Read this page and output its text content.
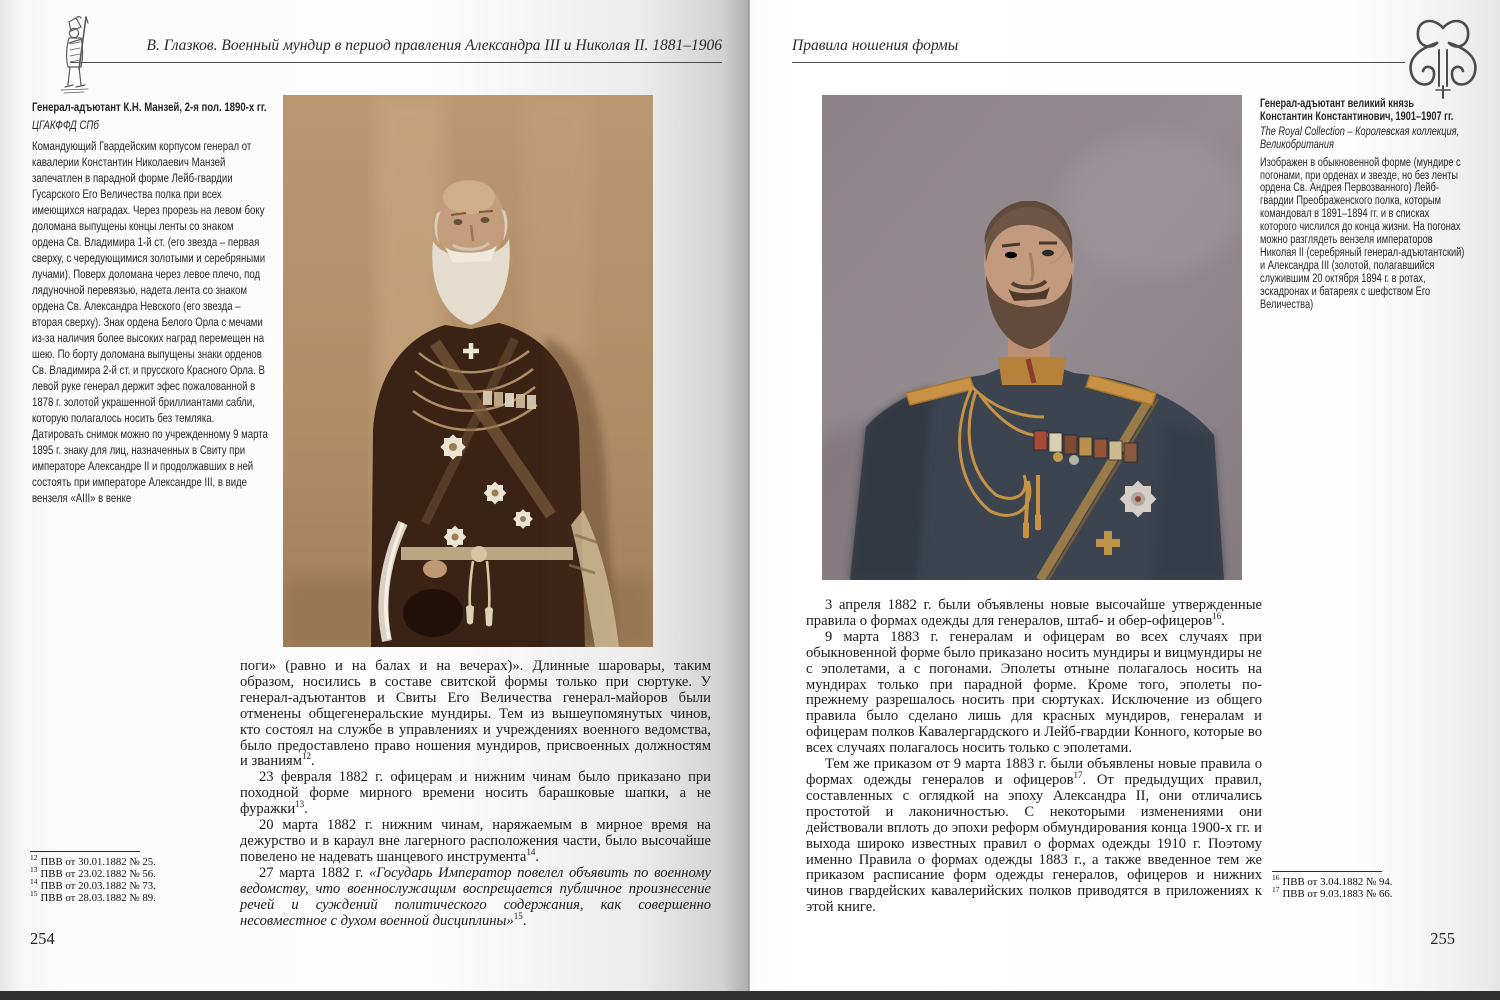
В. Глазков. Военный мундир в период правления Александра III и Николая II. 1881–1906

Генерал-адъютант К.Н. Манзей, 2-я пол. 1890-х гг.

ЦГАКФФД СПб

Командующий Гвардейским корпусом генерал от кавалерии Константин Николаевич Манзей запечатлен в парадной форме Лейб-гвардии Гусарского Его Величества полка при всех имеющихся наградах. Через прорезь на левом боку доломана выпущены концы ленты со знаком ордена Св. Владимира 1-й ст. (его звезда – первая сверху, с чередующимися золотыми и серебряными лучами). Поверх доломана через левое плечо, под лядуночной перевязью, надета лента со знаком ордена Св. Александра Невского (его звезда – вторая сверху). Знак ордена Белого Орла с мечами из-за наличия более высоких наград перемещен на шею. По борту доломана выпущены знаки орденов Св. Владимира 2-й ст. и прусского Красного Орла. В левой руке генерал держит эфес пожалованной в 1878 г. золотой украшенной бриллиантами сабли, которую полагалось носить без темляка. Датировать снимок можно по учрежденному 9 марта 1895 г. знаку для лиц, назначенных в Свиту при императоре Александре II и продолжавших в ней состоять при императоре Александре III, в виде вензеля «АIII» в венке

поги» (равно и на балах и на вечерах)». Длинные шаровары, таким образом, носились в составе свитской формы только при сюртуке. У генерал-адъютантов и Свиты Его Величества генерал-майоров были отменены общегенеральские мундиры. Тем из вышеупомянутых чинов, кто состоял на службе в управлениях и учреждениях военного ведомства, было предоставлено право ношения мундиров, присвоенных должностям и званиям$^{12}$.

23 февраля 1882 г. офицерам и нижним чинам было приказано при походной форме мирного времени носить барашковые шапки, а не фуражки$^{13}$.

20 марта 1882 г. нижним чинам, наряжаемым в мирное время на дежурство и в караул вне лагерного расположения части, было высочайше повелено не надевать шанцевого инструмента$^{14}$.

27 марта 1882 г. «Государь Император повелел объявить по военному ведомству, что военнослужащим воспрещается публичное произнесение речей и суждений политического содержания, как совершенно несовместное с духом военной дисциплины»$^{15}$.

$^{12}$ ПВВ от 30.01.1882 № 25.
$^{13}$ ПВВ от 23.02.1882 № 56.
$^{14}$ ПВВ от 20.03.1882 № 73.
$^{15}$ ПВВ от 28.03.1882 № 89.
254
Правила ношения формы

Генерал-адъютант великий князь Константин Константинович, 1901–1907 гг.

The Royal Collection – Королевская коллекция, Великобритания

Изображен в обыкновенной форме (мундире с погонами, при орденах и звезде, но без ленты ордена Св. Андрея Первозванного) Лейб-гвардии Преображенского полка, которым командовал в 1891–1894 гг. и в списках которого числился до конца жизни. На погонах можно разглядеть вензеля императоров Николая II (серебряный генерал-адъютантский) и Александра III (золотой, полагавшийся служившим 20 октября 1894 г. в ротах, эскадронах и батареях с шефством Его Величества)

3 апреля 1882 г. были объявлены новые высочайше утвержденные правила о формах одежды для генералов, штаб- и обер-офицеров$^{16}$.

9 марта 1883 г. генералам и офицерам во всех случаях при обыкновенной форме было приказано носить мундиры и вицмундиры не с эполетами, а с погонами. Эполеты отныне полагалось носить на мундирах только при парадной форме. Кроме того, эполеты по-прежнему разрешалось носить при сюртуках. Исключение из общего правила было сделано лишь для красных мундиров, генералам и офицерам полков Кавалергардского и Лейб-гвардии Конного, которые во всех случаях полагалось носить только с эполетами.

Тем же приказом от 9 марта 1883 г. были объявлены новые правила о формах одежды генералов и офицеров$^{17}$. От предыдущих правил, составленных с оглядкой на эпоху Александра II, они отличались простотой и лаконичностью. С некоторыми изменениями они действовали вплоть до эпохи реформ обмундирования конца 1900-х гг. и выхода широко известных правил о формах одежды 1910 г. Поэтому именно Правила о формах одежды 1883 г., а также введенное тем же приказом расписание форм одежды генералов, офицеров и нижних чинов гвардейских кавалерийских полков приводятся в приложениях к этой книге.

$^{16}$ ПВВ от 3.04.1882 № 94.
$^{17}$ ПВВ от 9.03.1883 № 66.
255
